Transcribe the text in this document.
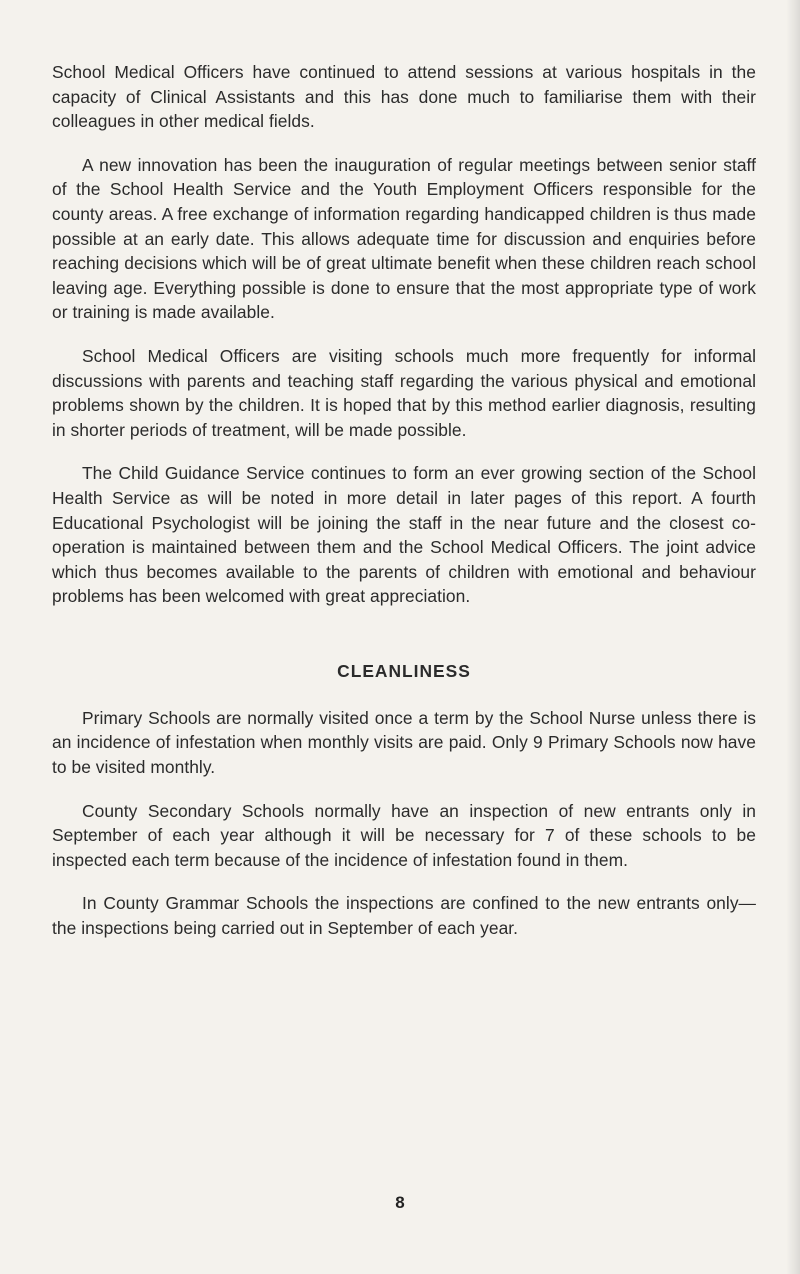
School Medical Officers have continued to attend sessions at various hospitals in the capacity of Clinical Assistants and this has done much to familiarise them with their colleagues in other medical fields.

A new innovation has been the inauguration of regular meetings between senior staff of the School Health Service and the Youth Employment Officers responsible for the county areas. A free exchange of information regarding handicapped children is thus made possible at an early date. This allows adequate time for discussion and enquiries before reaching decisions which will be of great ultimate benefit when these children reach school leaving age. Everything possible is done to ensure that the most appropriate type of work or training is made available.

School Medical Officers are visiting schools much more frequently for informal discussions with parents and teaching staff regarding the various physical and emotional problems shown by the children. It is hoped that by this method earlier diagnosis, resulting in shorter periods of treatment, will be made possible.

The Child Guidance Service continues to form an ever growing section of the School Health Service as will be noted in more detail in later pages of this report. A fourth Educational Psychologist will be joining the staff in the near future and the closest co-operation is maintained between them and the School Medical Officers. The joint advice which thus becomes available to the parents of children with emotional and behaviour problems has been welcomed with great appreciation.

CLEANLINESS

Primary Schools are normally visited once a term by the School Nurse unless there is an incidence of infestation when monthly visits are paid. Only 9 Primary Schools now have to be visited monthly.

County Secondary Schools normally have an inspection of new entrants only in September of each year although it will be necessary for 7 of these schools to be inspected each term because of the incidence of infestation found in them.

In County Grammar Schools the inspections are confined to the new entrants only—the inspections being carried out in September of each year.

8
